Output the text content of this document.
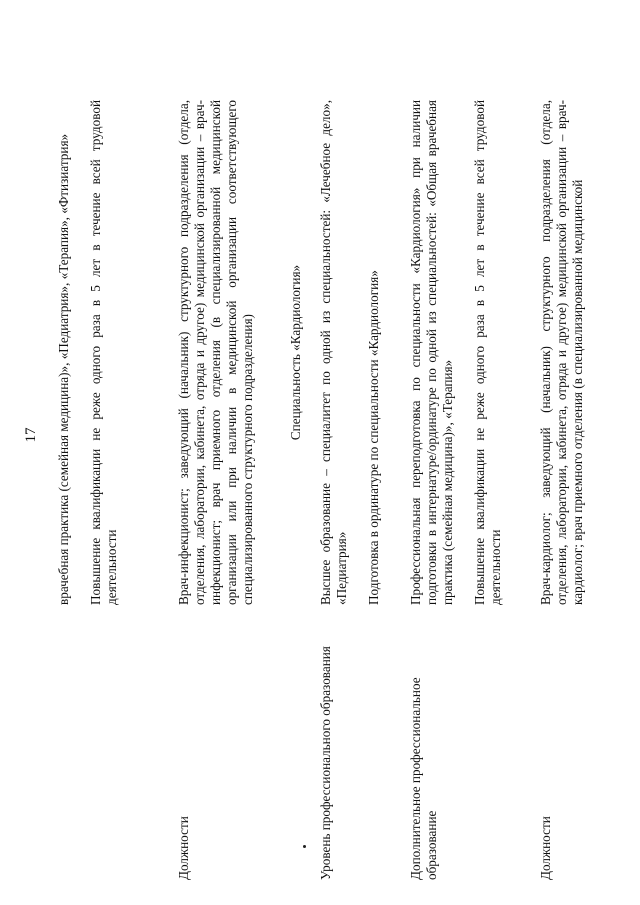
17 врачебная практика (семейная медицина)», «Педиатрия», «Терапия», «Фтизиатрия» Повышение квалификации не реже одного раза в 5 лет в течение всей трудовой деятельности

Должности

Врач-инфекционист; заведующий (начальник) структурного подразделения (отдела, отделения, лаборатории, кабинета, отряда и другое) медицинской организации – врач-инфекционист; врач приемного отделения (в специализированной медицинской организации или при наличии в медицинской организации соответствующего специализированного структурного подразделения) Специальность «Кардиология»
Уровень профессионального образования

Высшее образование – специалитет по одной из специальностей: «Лечебное дело», «Педиатрия» Подготовка в ординатуре по специальности «Кардиология»

Дополнительное профессиональное образование

Профессиональная переподготовка по специальности «Кардиология» при наличии подготовки в интернатуре/ординатуре по одной из специальностей: «Общая врачебная практика (семейная медицина)», «Терапия» Повышение квалификации не реже одного раза в 5 лет в течение всей трудовой деятельности

Должности

Врач-кардиолог; заведующий (начальник) структурного подразделения (отдела, отделения, лаборатории, кабинета, отряда и другое) медицинской организации – врач-кардиолог; врач приемного отделения (в специализированной медицинской
